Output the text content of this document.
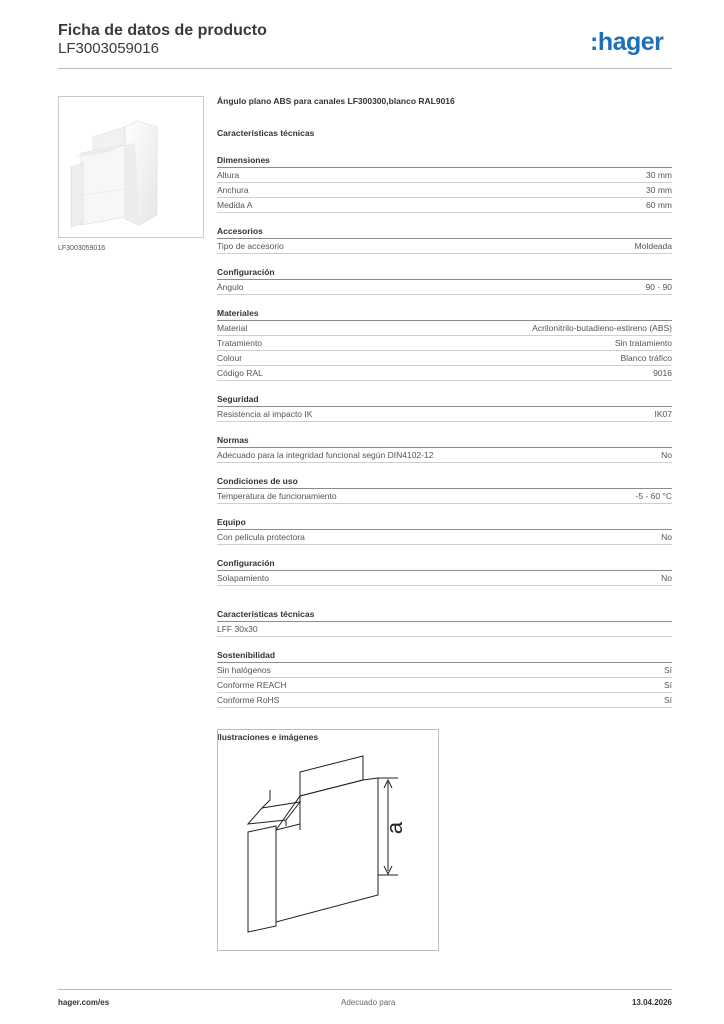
Ficha de datos de producto
LF3003059016	:hager
LF3003059016
Ángulo plano ABS para canales LF300300,blanco RAL9016
Características técnicas
Dimensiones
Altura	30 mm
Anchura	30 mm
Medida A	60 mm
Accesorios
Tipo de accesorio	Moldeada
Configuración
Ángulo	90 - 90
Materiales
Material	Acrilonitrilo-butadieno-estireno (ABS)
Tratamiento	Sin tratamiento
Colour	Blanco tráfico
Código RAL	9016
Seguridad
Resistencia al impacto IK	IK07
Normas
Adecuado para la integridad funcional según DIN4102-12	No
Condiciones de uso
Temperatura de funcionamiento	-5 - 60 °C
Equipo
Con película protectora	No
Configuración
Solapamiento	No
Características técnicas
LFF 30x30
Sostenibilidad
Sin halógenos	Sí
Conforme REACH	Sí
Conforme RoHS	Sí
Ilustraciones e imágenes
a
hager.com/es	Adecuado para	13.04.2026
